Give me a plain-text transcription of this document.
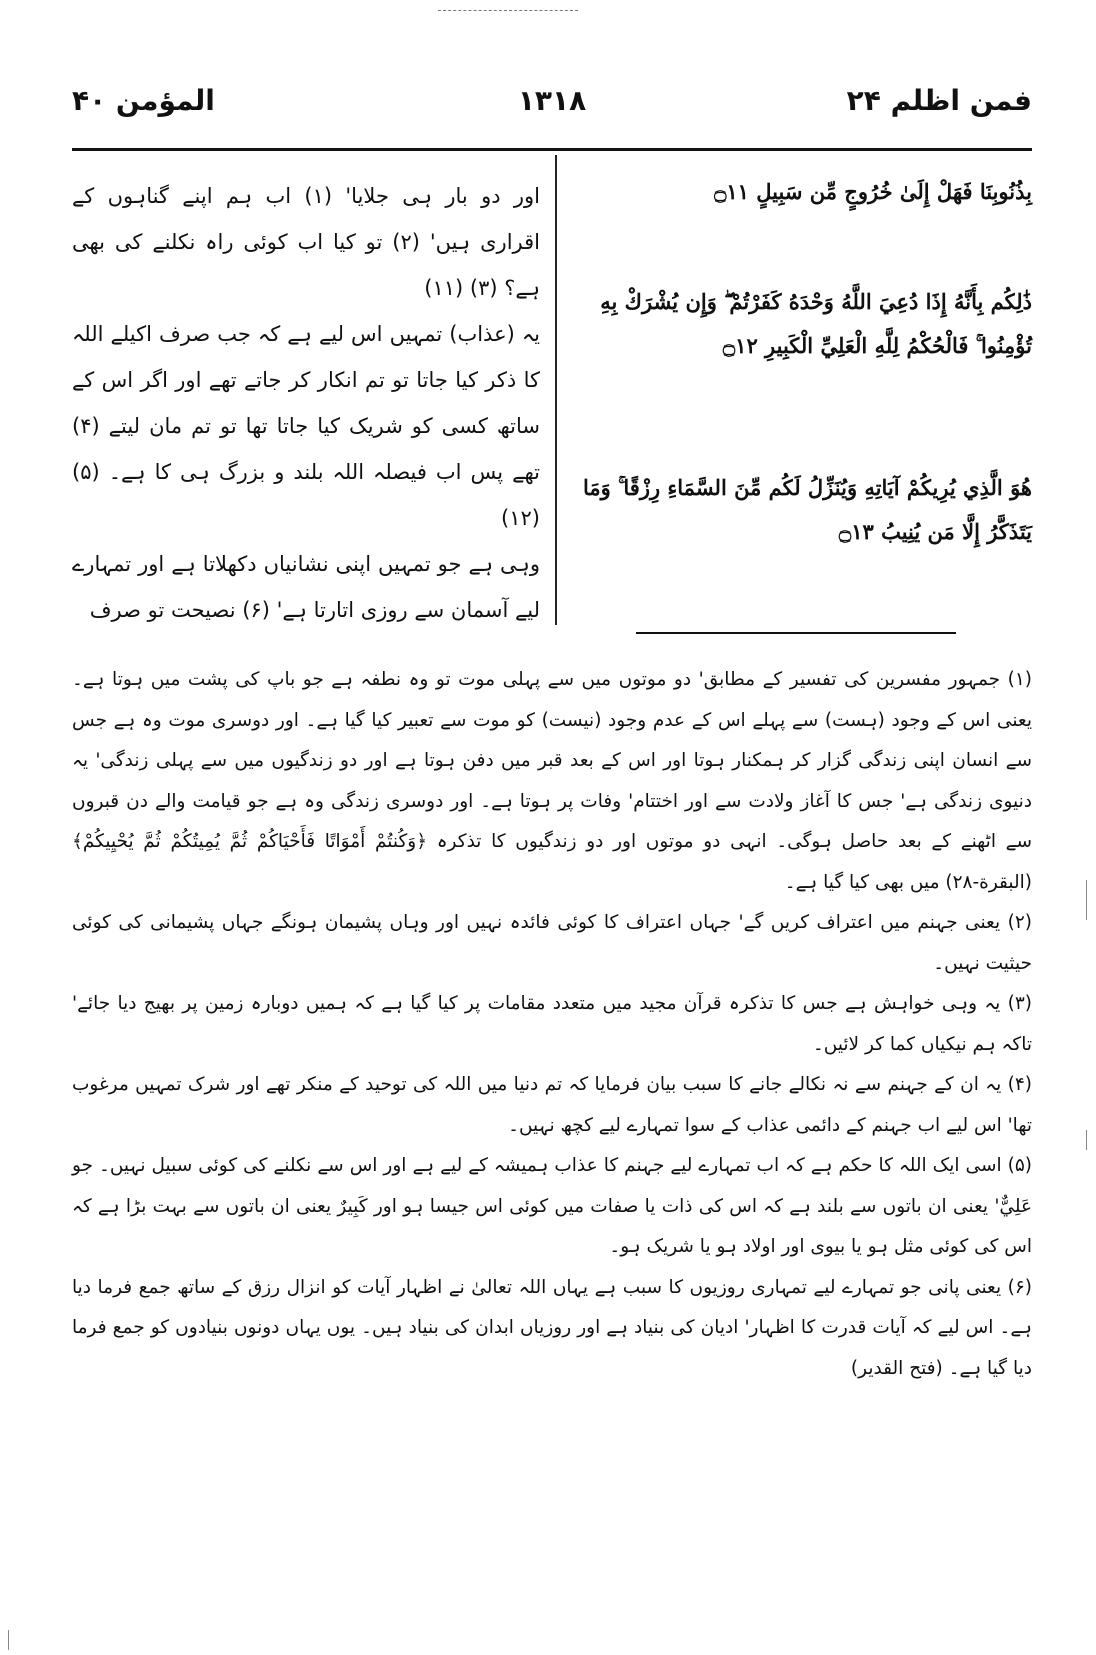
المؤمن ۴۰	۱۳۱۸	فمن اظلم ۲۴

اور دو بار ہی جلایا' (۱) اب ہم اپنے گناہوں کے اقراری ہیں' (۲) تو کیا اب کوئی راہ نکلنے کی بھی ہے؟ (۳) (۱۱)

یہ (عذاب) تمہیں اس لیے ہے کہ جب صرف اکیلے اللہ کا ذکر کیا جاتا تو تم انکار کر جاتے تھے اور اگر اس کے ساتھ کسی کو شریک کیا جاتا تھا تو تم مان لیتے (۴) تھے پس اب فیصلہ اللہ بلند و بزرگ ہی کا ہے۔ (۵) (۱۲)

وہی ہے جو تمہیں اپنی نشانیاں دکھلاتا ہے اور تمہارے لیے آسمان سے روزی اتارتا ہے' (۶) نصیحت تو صرف

بِذُنُوبِنَا فَهَلْ إِلَىٰ خُرُوجٍ مِّن سَبِيلٍ ۝١١

ذَٰلِكُم بِأَنَّهُ إِذَا دُعِيَ اللَّهُ وَحْدَهُ كَفَرْتُمْ ۖ وَإِن يُشْرَكْ بِهِ تُؤْمِنُوا ۚ فَالْحُكْمُ لِلَّهِ الْعَلِيِّ الْكَبِيرِ ۝١٢

هُوَ الَّذِي يُرِيكُمْ آيَاتِهِ وَيُنَزِّلُ لَكُم مِّنَ السَّمَاءِ رِزْقًا ۚ وَمَا يَتَذَكَّرُ إِلَّا مَن يُنِيبُ ۝١٣

(۱) جمہور مفسرین کی تفسیر کے مطابق' دو موتوں میں سے پہلی موت تو وہ نطفہ ہے جو باپ کی پشت میں ہوتا ہے۔ یعنی اس کے وجود (ہست) سے پہلے اس کے عدم وجود (نیست) کو موت سے تعبیر کیا گیا ہے۔ اور دوسری موت وہ ہے جس سے انسان اپنی زندگی گزار کر ہمکنار ہوتا اور اس کے بعد قبر میں دفن ہوتا ہے اور دو زندگیوں میں سے پہلی زندگی' یہ دنیوی زندگی ہے' جس کا آغاز ولادت سے اور اختتام' وفات پر ہوتا ہے۔ اور دوسری زندگی وہ ہے جو قیامت والے دن قبروں سے اٹھنے کے بعد حاصل ہوگی۔ انہی دو موتوں اور دو زندگیوں کا تذکرہ ﴿وَكُنتُمْ أَمْوَاتًا فَأَحْيَاكُمْ ثُمَّ يُمِيتُكُمْ ثُمَّ يُحْيِيكُمْ﴾ (البقرة-۲۸) میں بھی کیا گیا ہے۔

(۲) یعنی جہنم میں اعتراف کریں گے' جہاں اعتراف کا کوئی فائدہ نہیں اور وہاں پشیمان ہونگے جہاں پشیمانی کی کوئی حیثیت نہیں۔

(۳) یہ وہی خواہش ہے جس کا تذکرہ قرآن مجید میں متعدد مقامات پر کیا گیا ہے کہ ہمیں دوبارہ زمین پر بھیج دیا جائے' تاکہ ہم نیکیاں کما کر لائیں۔

(۴) یہ ان کے جہنم سے نہ نکالے جانے کا سبب بیان فرمایا کہ تم دنیا میں اللہ کی توحید کے منکر تھے اور شرک تمہیں مرغوب تھا' اس لیے اب جہنم کے دائمی عذاب کے سوا تمہارے لیے کچھ نہیں۔

(۵) اسی ایک اللہ کا حکم ہے کہ اب تمہارے لیے جہنم کا عذاب ہمیشہ کے لیے ہے اور اس سے نکلنے کی کوئی سبیل نہیں۔ جو عَلِيٌّ' یعنی ان باتوں سے بلند ہے کہ اس کی ذات یا صفات میں کوئی اس جیسا ہو اور کَبِيرٌ یعنی ان باتوں سے بہت بڑا ہے کہ اس کی کوئی مثل ہو یا بیوی اور اولاد ہو یا شریک ہو۔

(۶) یعنی پانی جو تمہارے لیے تمہاری روزیوں کا سبب ہے یہاں اللہ تعالیٰ نے اظہار آیات کو انزال رزق کے ساتھ جمع فرما دیا ہے۔ اس لیے کہ آیات قدرت کا اظہار' ادیان کی بنیاد ہے اور روزیاں ابدان کی بنیاد ہیں۔ یوں یہاں دونوں بنیادوں کو جمع فرما دیا گیا ہے۔ (فتح القدیر)
